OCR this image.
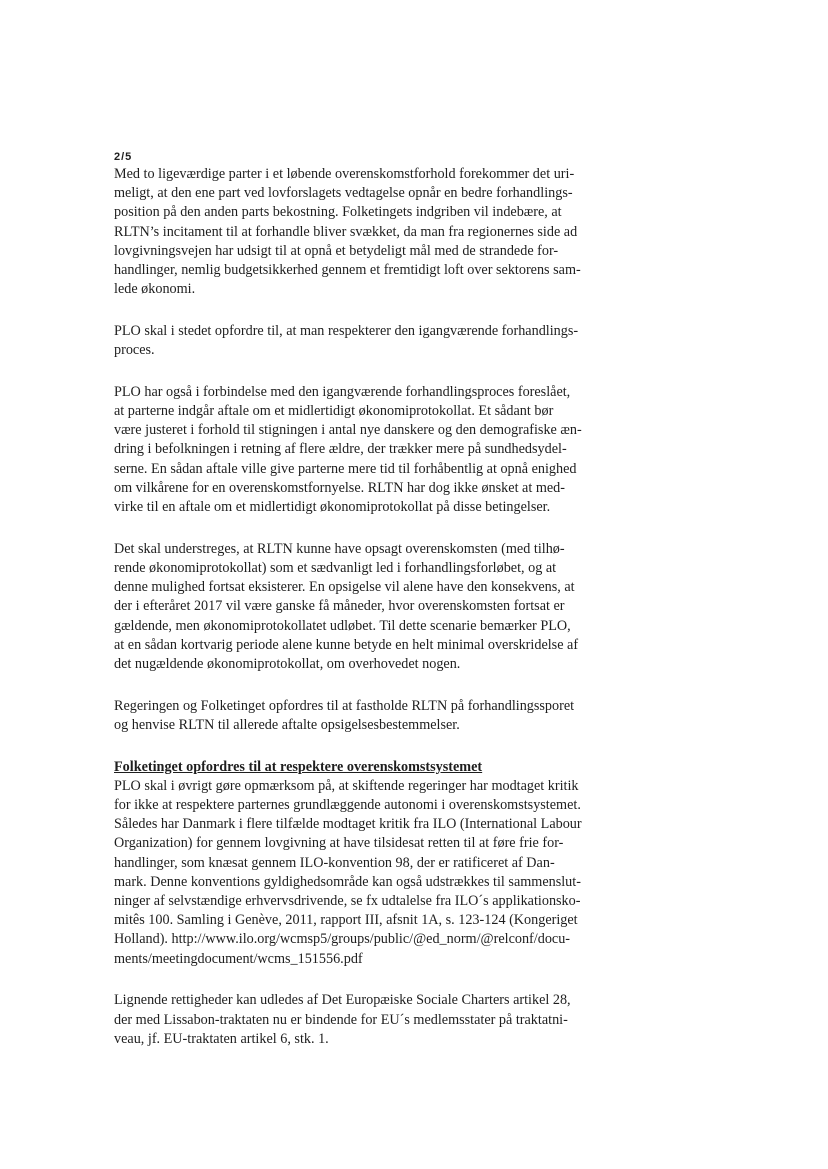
2/5

Med to ligeværdige parter i et løbende overenskomstforhold forekommer det uri-
meligt, at den ene part ved lovforslagets vedtagelse opnår en bedre forhandlings-
position på den anden parts bekostning. Folketingets indgriben vil indebære, at
RLTN’s incitament til at forhandle bliver svækket, da man fra regionernes side ad
lovgivningsvejen har udsigt til at opnå et betydeligt mål med de strandede for-
handlinger, nemlig budgetsikkerhed gennem et fremtidigt loft over sektorens sam-
lede økonomi.

PLO skal i stedet opfordre til, at man respekterer den igangværende forhandlings-
proces.

PLO har også i forbindelse med den igangværende forhandlingsproces foreslået,
at parterne indgår aftale om et midlertidigt økonomiprotokollat. Et sådant bør
være justeret i forhold til stigningen i antal nye danskere og den demografiske æn-
dring i befolkningen i retning af flere ældre, der trækker mere på sundhedsydel-
serne. En sådan aftale ville give parterne mere tid til forhåbentlig at opnå enighed
om vilkårene for en overenskomstfornyelse. RLTN har dog ikke ønsket at med-
virke til en aftale om et midlertidigt økonomiprotokollat på disse betingelser.

Det skal understreges, at RLTN kunne have opsagt overenskomsten (med tilhø-
rende økonomiprotokollat) som et sædvanligt led i forhandlingsforløbet, og at
denne mulighed fortsat eksisterer. En opsigelse vil alene have den konsekvens, at
der i efteråret 2017 vil være ganske få måneder, hvor overenskomsten fortsat er
gældende, men økonomiprotokollatet udløbet. Til dette scenarie bemærker PLO,
at en sådan kortvarig periode alene kunne betyde en helt minimal overskridelse af
det nugældende økonomiprotokollat, om overhovedet nogen.

Regeringen og Folketinget opfordres til at fastholde RLTN på forhandlingssporet
og henvise RLTN til allerede aftalte opsigelsesbestemmelser.

Folketinget opfordres til at respektere overenskomstsystemet
PLO skal i øvrigt gøre opmærksom på, at skiftende regeringer har modtaget kritik
for ikke at respektere parternes grundlæggende autonomi i overenskomstsystemet.
Således har Danmark i flere tilfælde modtaget kritik fra ILO (International Labour
Organization) for gennem lovgivning at have tilsidesat retten til at føre frie for-
handlinger, som knæsat gennem ILO-konvention 98, der er ratificeret af Dan-
mark. Denne konventions gyldighedsområde kan også udstrækkes til sammenslut-
ninger af selvstændige erhvervsdrivende, se fx udtalelse fra ILO´s applikationsko-
mitês 100. Samling i Genève, 2011, rapport III, afsnit 1A, s. 123-124 (Kongeriget
Holland). http://www.ilo.org/wcmsp5/groups/public/@ed_norm/@relconf/docu-
ments/meetingdocument/wcms_151556.pdf

Lignende rettigheder kan udledes af Det Europæiske Sociale Charters artikel 28,
der med Lissabon-traktaten nu er bindende for EU´s medlemsstater på traktatni-
veau, jf. EU-traktaten artikel 6, stk. 1.
